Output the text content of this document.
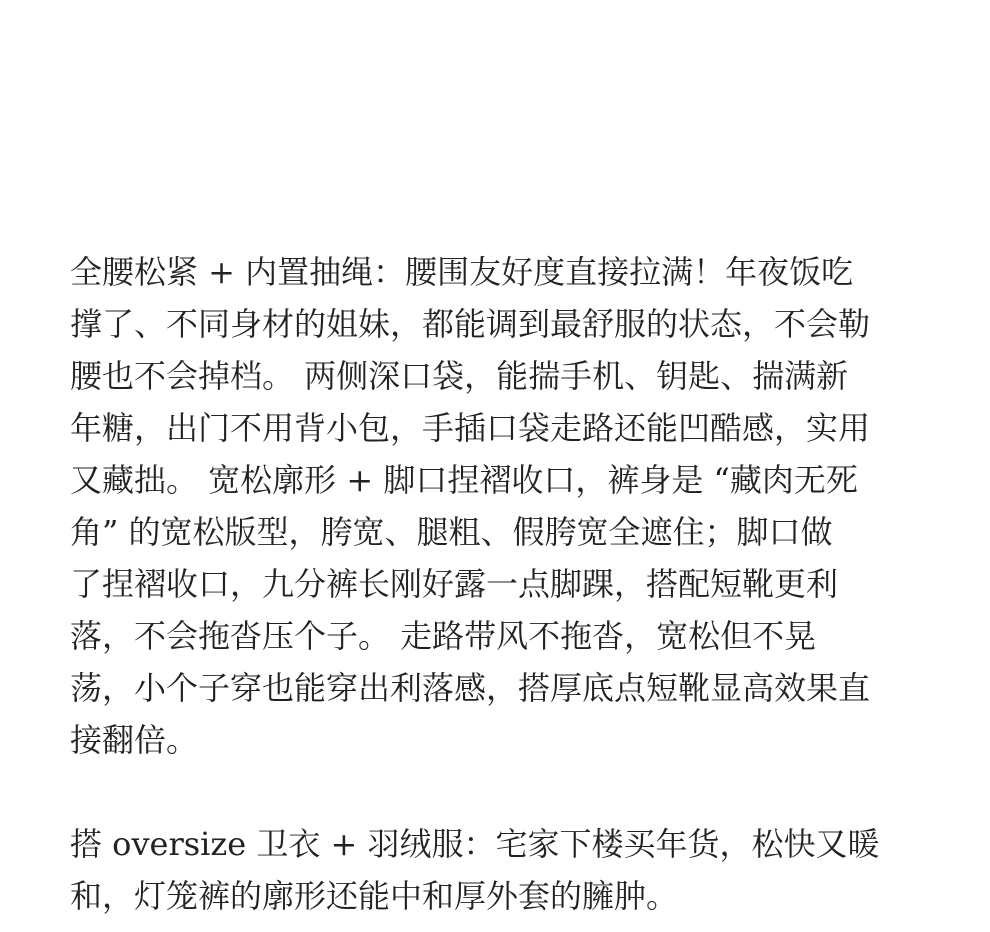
全腰松紧 + 内置抽绳：腰围友好度直接拉满！年夜饭吃
撑了、不同身材的姐妹，都能调到最舒服的状态，不会勒
腰也不会掉档。 两侧深口袋，能揣手机、钥匙、揣满新
年糖，出门不用背小包，手插口袋走路还能凹酷感，实用
又藏拙。 宽松廓形 + 脚口捏褶收口，裤身是 “藏肉无死
角” 的宽松版型，胯宽、腿粗、假胯宽全遮住；脚口做
了捏褶收口，九分裤长刚好露一点脚踝，搭配短靴更利
落，不会拖沓压个子。 走路带风不拖沓，宽松但不晃
荡，小个子穿也能穿出利落感，搭厚底点短靴显高效果直
接翻倍。
搭 oversize 卫衣 + 羽绒服：宅家下楼买年货，松快又暖
和，灯笼裤的廓形还能中和厚外套的臃肿。
